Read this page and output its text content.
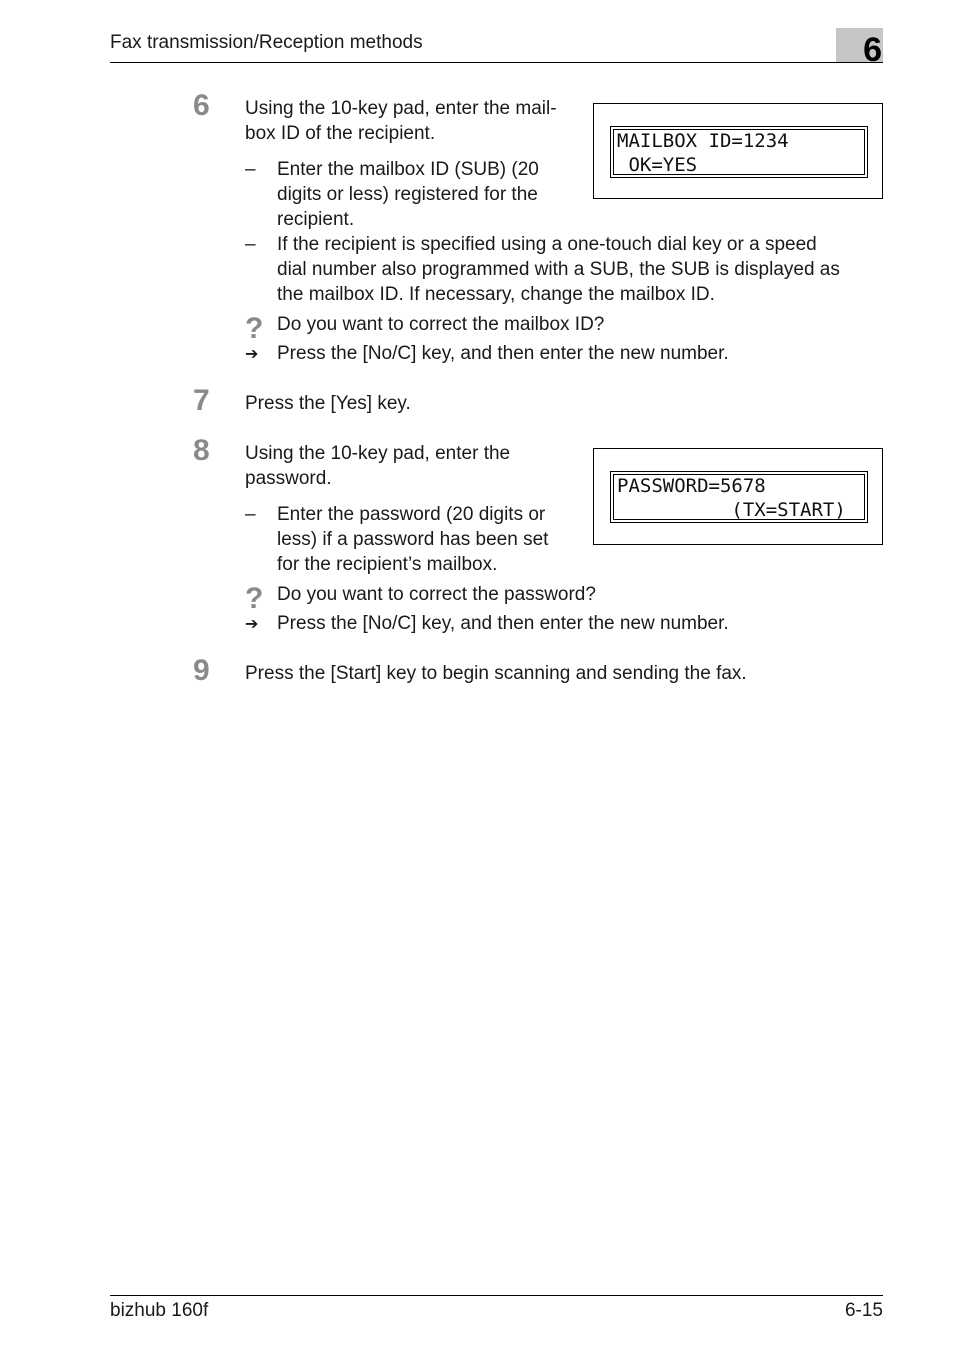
Fax transmission/Reception methods	6
6 Using the 10-key pad, enter the mail-
box ID of the recipient.
– Enter the mailbox ID (SUB) (20
digits or less) registered for the
recipient.
– If the recipient is specified using a one-touch dial key or a speed
dial number also programmed with a SUB, the SUB is displayed as
the mailbox ID. If necessary, change the mailbox ID.
? Do you want to correct the mailbox ID?
➔ Press the [No/C] key, and then enter the new number.
MAILBOX ID=1234
OK=YES
7 Press the [Yes] key.
8 Using the 10-key pad, enter the
password.
– Enter the password (20 digits or
less) if a password has been set
for the recipient’s mailbox.
? Do you want to correct the password?
➔ Press the [No/C] key, and then enter the new number.
PASSWORD=5678
(TX=START)
9 Press the [Start] key to begin scanning and sending the fax.
bizhub 160f	6-15
